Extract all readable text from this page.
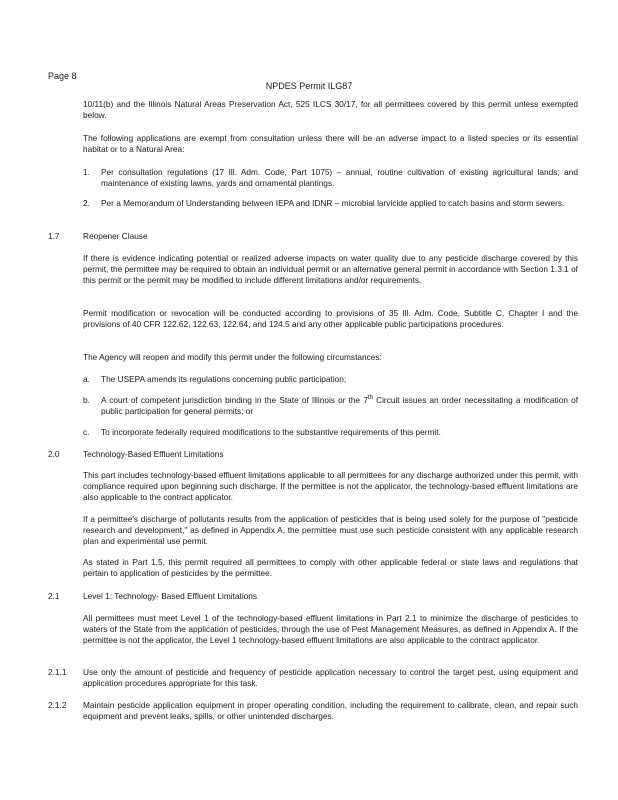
Page 8
NPDES Permit ILG87
10/11(b) and the Illinois Natural Areas Preservation Act, 525 ILCS 30/17, for all permittees covered by this permit unless exempted below.
The following applications are exempt from consultation unless there will be an adverse impact to a listed species or its essential habitat or to a Natural Area:
1. Per consultation regulations (17 Ill. Adm. Code, Part 1075) – annual, routine cultivation of existing agricultural lands; and maintenance of existing lawns, yards and ornamental plantings.
2. Per a Memorandum of Understanding between IEPA and IDNR – microbial larvicide applied to catch basins and storm sewers.
1.7	Reopener Clause
If there is evidence indicating potential or realized adverse impacts on water quality due to any pesticide discharge covered by this permit, the permittee may be required to obtain an individual permit or an alternative general permit in accordance with Section 1.3.1 of this permit or the permit may be modified to include different limitations and/or requirements.
Permit modification or revocation will be conducted according to provisions of 35 Ill. Adm. Code, Subtitle C, Chapter I and the provisions of 40 CFR 122.62, 122.63, 122.64, and 124.5 and any other applicable public participations procedures.
The Agency will reopen and modify this permit under the following circumstances:
a. The USEPA amends its regulations concerning public participation;
b. A court of competent jurisdiction binding in the State of Illinois or the 7th Circuit issues an order necessitating a modification of public participation for general permits; or
c. To incorporate federally required modifications to the substantive requirements of this permit.
2.0	Technology-Based Effluent Limitations
This part includes technology-based effluent limitations applicable to all permittees for any discharge authorized under this permit, with compliance required upon beginning such discharge. If the permittee is not the applicator, the technology-based effluent limitations are also applicable to the contract applicator.
If a permittee's discharge of pollutants results from the application of pesticides that is being used solely for the purpose of "pesticide research and development," as defined in Appendix A, the permittee must use such pesticide consistent with any applicable research plan and experimental use permit.
As stated in Part 1.5, this permit required all permittees to comply with other applicable federal or state laws and regulations that pertain to application of pesticides by the permittee.
2.1	Level 1: Technology- Based Effluent Limitations
All permittees must meet Level 1 of the technology-based effluent limitations in Part 2.1 to minimize the discharge of pesticides to waters of the State from the application of pesticides, through the use of Pest Management Measures, as defined in Appendix A. If the permittee is not the applicator, the Level 1 technology-based effluent limitations are also applicable to the contract applicator.
2.1.1 Use only the amount of pesticide and frequency of pesticide application necessary to control the target pest, using equipment and application procedures appropriate for this task.
2.1.2 Maintain pesticide application equipment in proper operating condition, including the requirement to calibrate, clean, and repair such equipment and prevent leaks, spills, or other unintended discharges.
